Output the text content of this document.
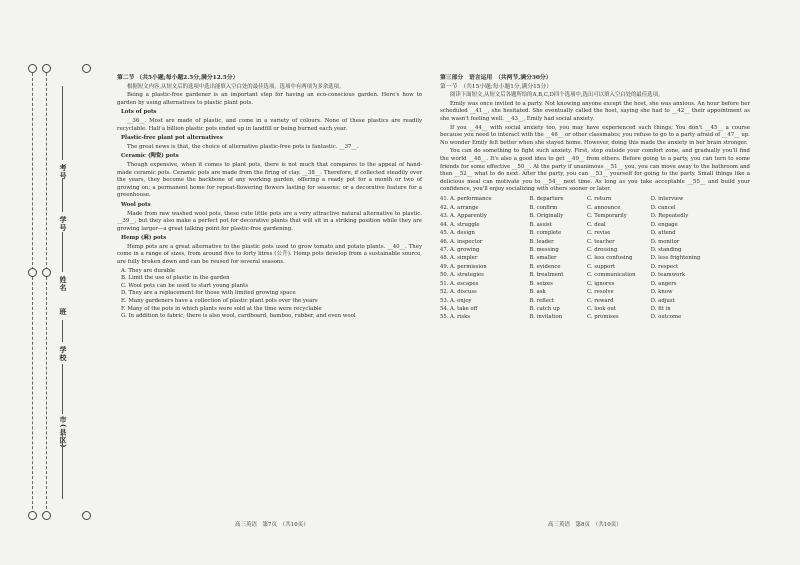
市(县区)
学校
班
姓名
学号
考号
第二节 （共5小题;每小题2.5分,满分12.5分）
根据短文内容,从短文后的选项中选出能填入空白处的最佳选项。选项中有两项为多余选项。
Being a plastic-free gardener is an important step for having an eco-conscious garden. Here's how to garden by using alternatives to plastic plant pots.
Lots of pots
__36__. Most are made of plastic, and come in a variety of colours. None of these plastics are readily recyclable. Half a billion plastic pots ended up in landfill or being burned each year.
Plastic-free plant pot alternatives
The great news is that, the choice of alternative plastic-free pots is fantastic. __37__.
Ceramic (陶瓷) pots
Though expensive, when it comes to plant pots, there is not much that compares to the appeal of hand-made ceramic pots. Ceramic pots are made from the firing of clay. __38__. Therefore, if collected steadily over the years, they become the backbone of any working garden, offering a ready pot for a month or two of growing on; a permanent home for repeat-flowering flowers lasting for seasons; or a decorative feature for a greenhouse.
Wool pots
Made from raw washed wool pots, these cute little pots are a very attractive natural alternative to plastic. __39__, but they also make a perfect pot for decorative plants that will sit in a striking position while they are growing larger—a great talking point for plastic-free gardening.
Hemp (麻) pots
Hemp pots are a great alternative to the plastic pots used to grow tomato and potato plants. __40__. They come in a range of sizes, from around five to forty litres (公升). Hemp pots develop from a sustainable source, are fully broken down and can be reused for several seasons.
A. They are durable
B. Limit the use of plastic in the garden
C. Wool pots can be used to start young plants
D. They are a replacement for those with limited growing space
E. Many gardeners have a collection of plastic plant pots over the years
F. Many of the pots in which plants were sold at the time were recyclable
G. In addition to fabric, there is also wool, cardboard, bamboo, rubber, and even wool
高三英语　第7页　（共10页）
第三部分　语言运用　（共两节,满分30分）
第一节　（共15小题;每小题1分,满分15分）
阅读下面短文,从短文后各题所给的A,B,C,D四个选项中,选出可以填入空白处的最佳选项。
Emily was once invited to a party. Not knowing anyone except the host, she was anxious. An hour before her scheduled __41__, she hesitated. She eventually called the host, saying she had to __42__ their appointment as she wasn't feeling well. __43__, Emily had social anxiety.
If you __44__ with social anxiety too, you may have experienced such things; You don't __45__ a course because you need to interact with the __46__ or other classmates; you refuse to go to a party afraid of __47__ up. No wonder Emily felt better when she stayed home. However, doing this made the anxiety in her brain stronger.
You can do something to fight such anxiety. First, step outside your comfort zone, and gradually you'll find the world __48__. It's also a good idea to get __49__ from others. Before going to a party, you can turn to some friends for some effective __50__. At the party if unanimous __51__ you, you can move away to the bathroom and then __52__ what to do next. After the party, you can __53__ yourself for going to the party. Small things like a delicious meal can motivate you to __54__ next time. As long as you take acceptable __55__ and build your confidence, you'll enjoy socializing with others sooner or later.
41.	A. performance	B. departure	C. return	D. interview
42.	A. arrange	B. confirm	C. announce	D. cancel
43.	A. Apparently	B. Originally	C. Temporarily	D. Repeatedly
44.	A. struggle	B. assist	C. deal	D. engage
45.	A. design	B. complete	C. revise	D. attend
46.	A. inspector	B. leader	C. teacher	D. monitor
47.	A. growing	B. messing	C. dressing	D. standing
48.	A. simpler	B. smaller	C. less confusing	D. less frightening
49.	A. permission	B. evidence	C. support	D. respect
50.	A. strategies	B. treatment	C. communication	D. teamwork
51.	A. escapes	B. seizes	C. ignores	D. angers
52.	A. discuss	B. ask	C. resolve	D. know
53.	A. enjoy	B. reflect	C. reward	D. adjust
54.	A. take off	B. catch up	C. look out	D. fit in
55.	A. risks	B. invitation	C. promises	D. outcome
高三英语　第8页　（共10页）
